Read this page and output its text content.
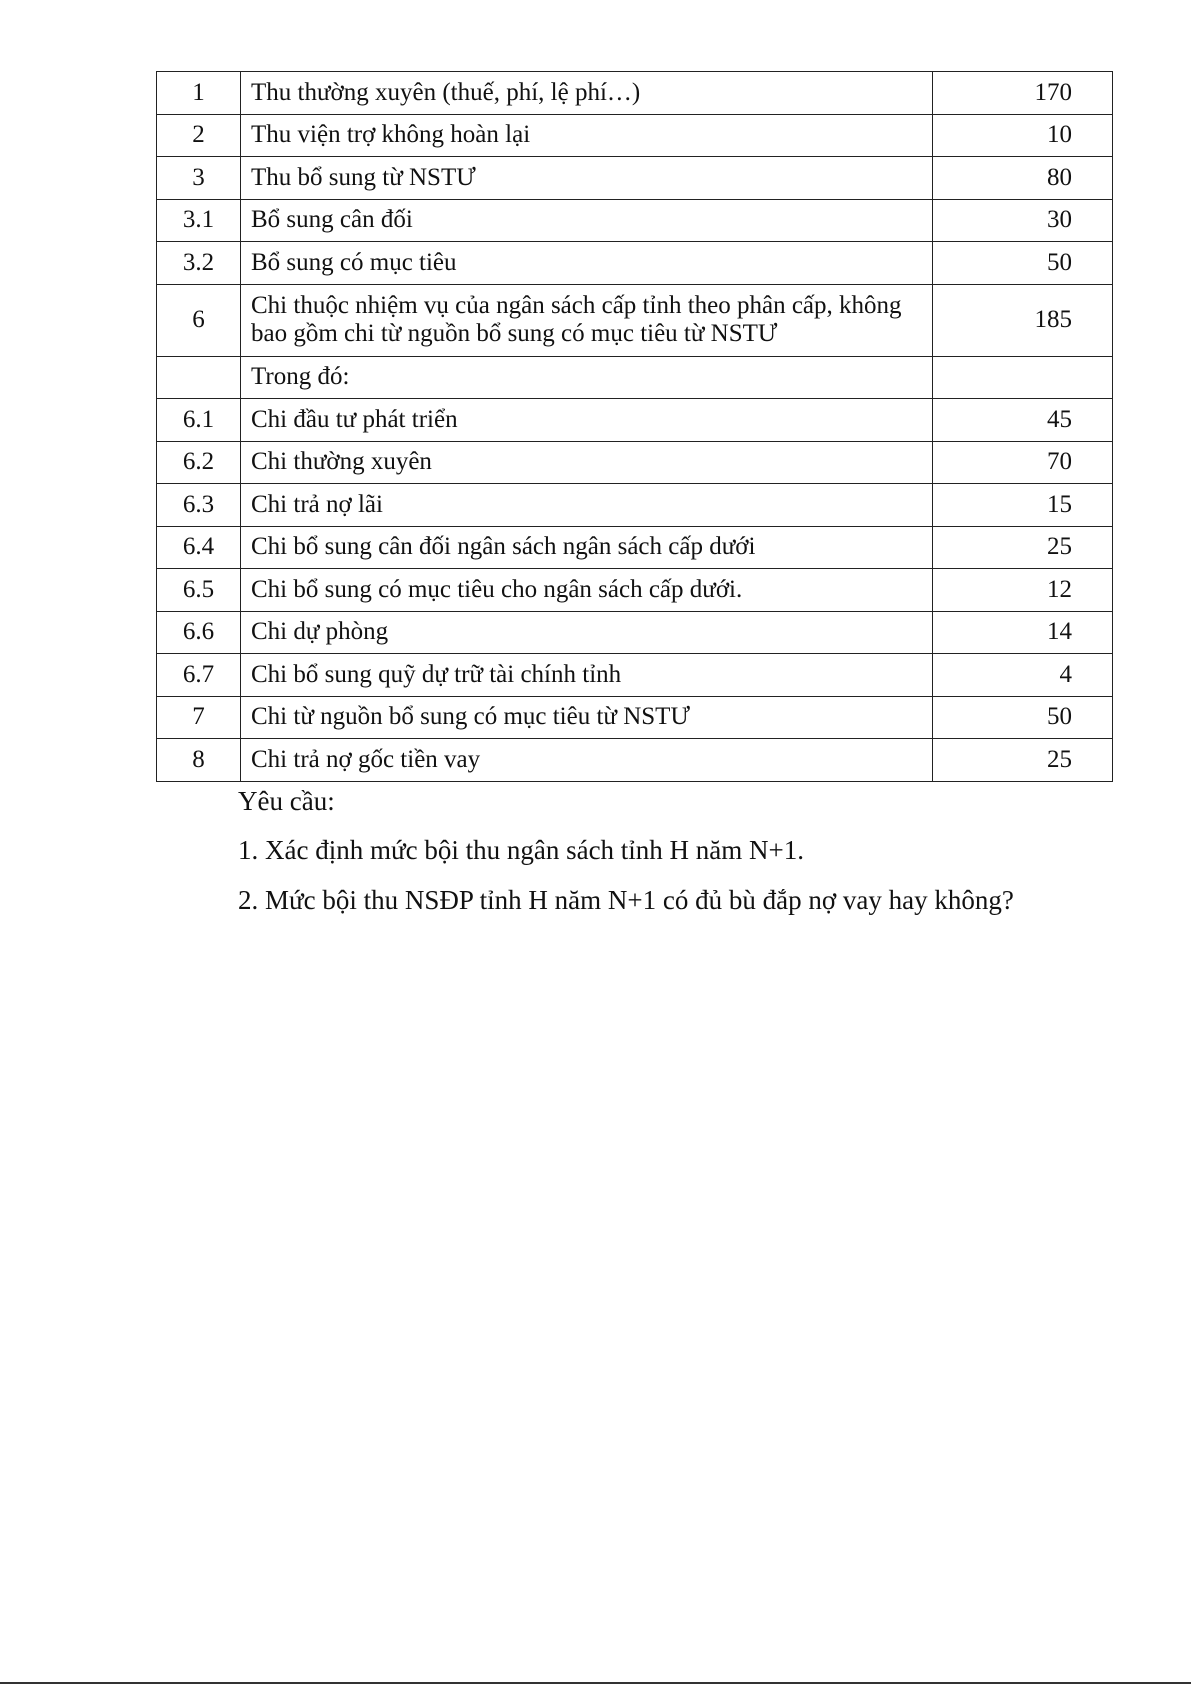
1	Thu thường xuyên (thuế, phí, lệ phí…)	170
2	Thu viện trợ không hoàn lại	10
3	Thu bổ sung từ NSTƯ	80
3.1	Bổ sung cân đối	30
3.2	Bổ sung có mục tiêu	50
6	Chi thuộc nhiệm vụ của ngân sách cấp tỉnh theo phân cấp, không bao gồm chi từ nguồn bổ sung có mục tiêu từ NSTƯ	185
	Trong đó:	
6.1	Chi đầu tư phát triển	45
6.2	Chi thường xuyên	70
6.3	Chi trả nợ lãi	15
6.4	Chi bổ sung cân đối ngân sách ngân sách cấp dưới	25
6.5	Chi bổ sung có mục tiêu cho ngân sách cấp dưới.	12
6.6	Chi dự phòng	14
6.7	Chi bổ sung quỹ dự trữ tài chính tỉnh	4
7	Chi từ nguồn bổ sung có mục tiêu từ NSTƯ	50
8	Chi trả nợ gốc tiền vay	25
Yêu cầu:
1. Xác định mức bội thu ngân sách tỉnh H năm N+1.
2. Mức bội thu NSĐP tỉnh H năm N+1 có đủ bù đắp nợ vay hay không?
